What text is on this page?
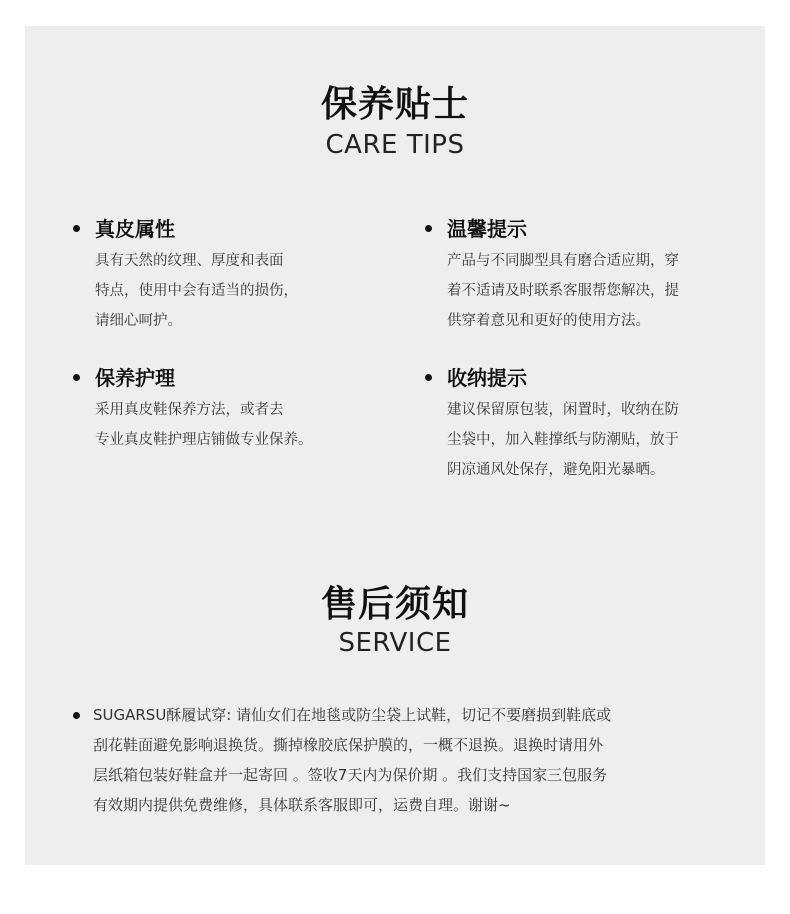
保养贴士
CARE TIPS
真皮属性
具有天然的纹理、厚度和表面
特点，使用中会有适当的损伤，
请细心呵护。
温馨提示
产品与不同脚型具有磨合适应期，穿
着不适请及时联系客服帮您解决，提
供穿着意见和更好的使用方法。
保养护理
采用真皮鞋保养方法，或者去
专业真皮鞋护理店铺做专业保养。
收纳提示
建议保留原包装，闲置时，收纳在防
尘袋中，加入鞋撑纸与防潮贴，放于
阴凉通风处保存，避免阳光暴晒。
售后须知
SERVICE
SUGARSU酥履试穿: 请仙女们在地毯或防尘袋上试鞋，切记不要磨损到鞋底或
刮花鞋面避免影响退换货。撕掉橡胶底保护膜的，一概不退换。退换时请用外
层纸箱包装好鞋盒并一起寄回 。签收7天内为保价期 。我们支持国家三包服务
有效期内提供免费维修，具体联系客服即可，运费自理。谢谢~
